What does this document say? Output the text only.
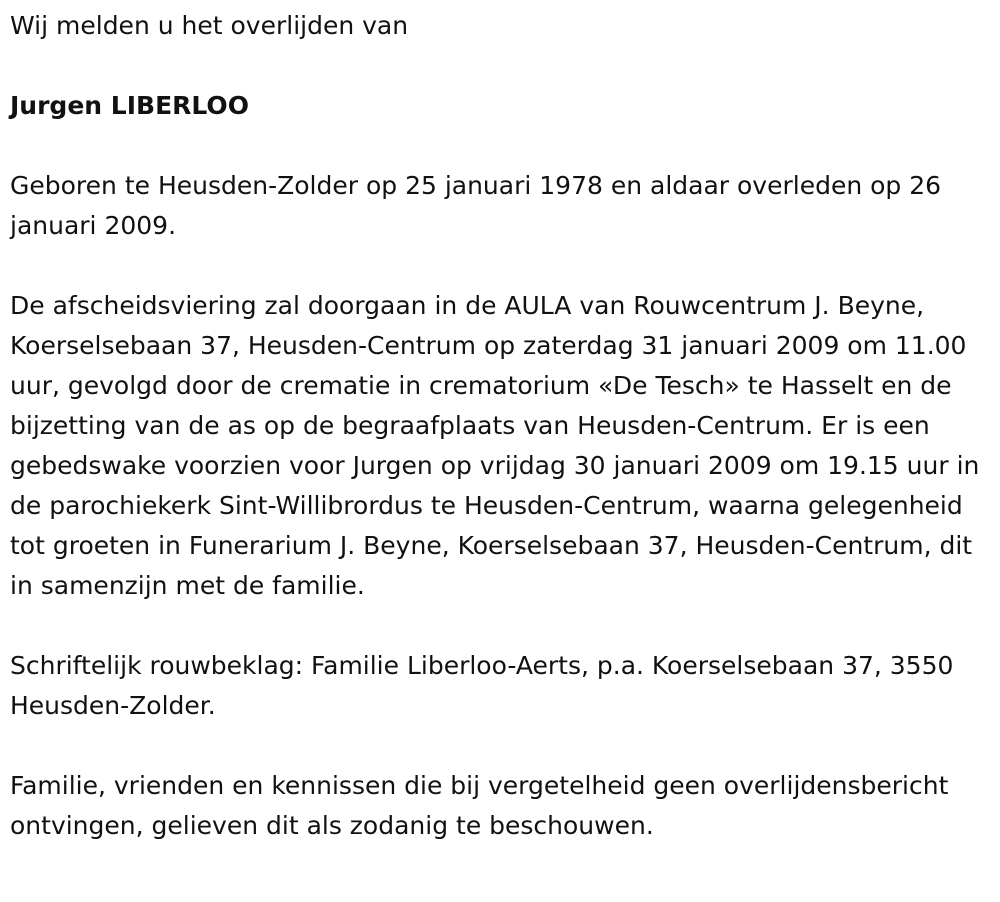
Wij melden u het overlijden van

Jurgen LIBERLOO

Geboren te Heusden-Zolder op 25 januari 1978 en aldaar overleden op 26 januari 2009.

De afscheidsviering zal doorgaan in de AULA van Rouwcentrum J. Beyne, Koerselsebaan 37, Heusden-Centrum op zaterdag 31 januari 2009 om 11.00 uur, gevolgd door de crematie in crematorium «De Tesch» te Hasselt en de bijzetting van de as op de begraafplaats van Heusden-Centrum. Er is een gebedswake voorzien voor Jurgen op vrijdag 30 januari 2009 om 19.15 uur in de parochiekerk Sint-Willibrordus te Heusden-Centrum, waarna gelegenheid tot groeten in Funerarium J. Beyne, Koerselsebaan 37, Heusden-Centrum, dit in samenzijn met de familie.

Schriftelijk rouwbeklag: Familie Liberloo-Aerts, p.a. Koerselsebaan 37, 3550 Heusden-Zolder.

Familie, vrienden en kennissen die bij vergetelheid geen overlijdensbericht ontvingen, gelieven dit als zodanig te beschouwen.
